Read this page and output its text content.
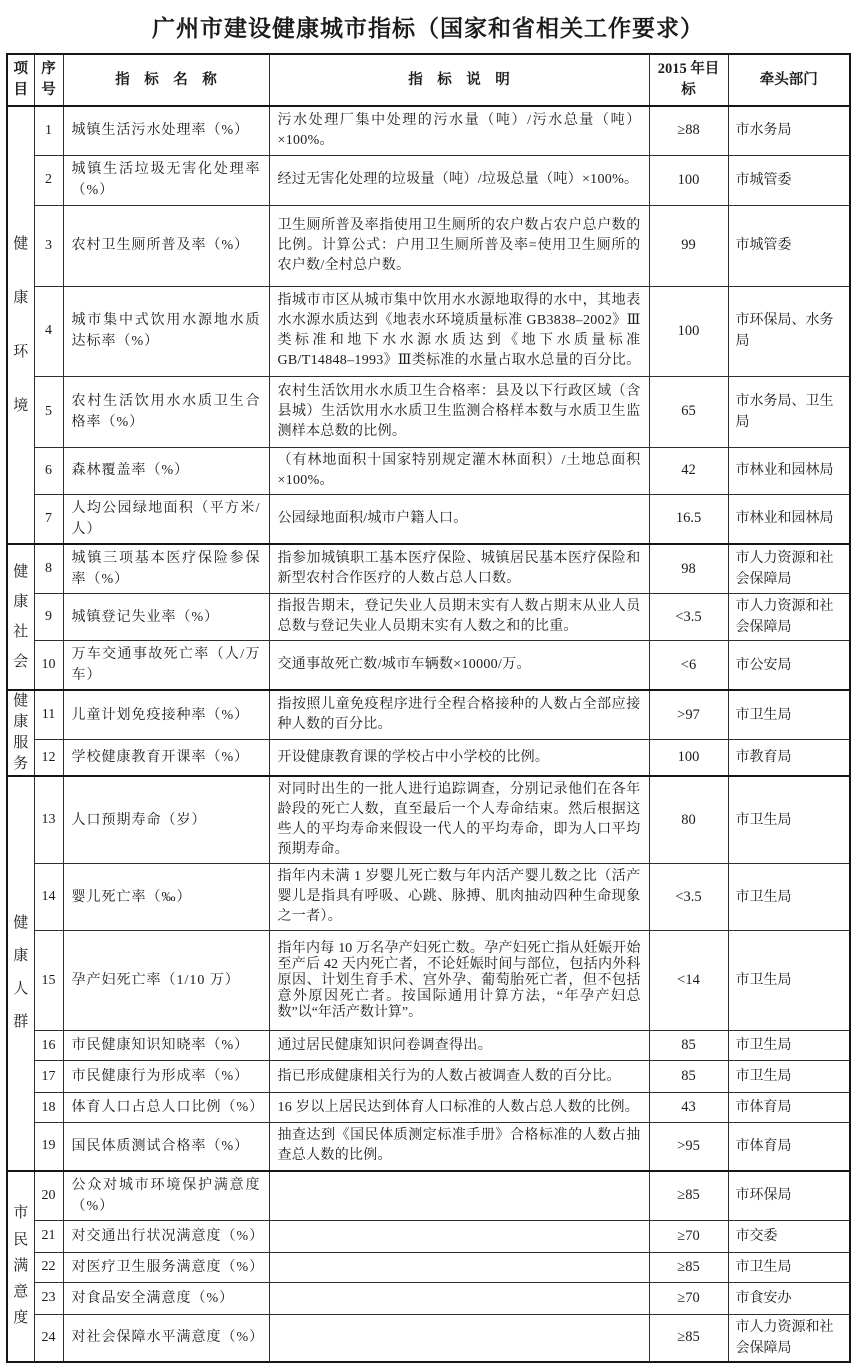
广州市建设健康城市指标（国家和省相关工作要求）
项目	序号	指　标　名　称	指　标　说　明	2015 年目标	牵头部门
健康环境	1	城镇生活污水处理率（%）	污水处理厂集中处理的污水量（吨）/污水总量（吨）×100%。	≥88	市水务局
	2	城镇生活垃圾无害化处理率（%）	经过无害化处理的垃圾量（吨）/垃圾总量（吨）×100%。	100	市城管委
	3	农村卫生厕所普及率（%）	卫生厕所普及率指使用卫生厕所的农户数占农户总户数的比例。计算公式：户用卫生厕所普及率=使用卫生厕所的农户数/全村总户数。	99	市城管委
	4	城市集中式饮用水源地水质达标率（%）	指城市市区从城市集中饮用水水源地取得的水中，其地表水水源水质达到《地表水环境质量标准 GB3838–2002》Ⅲ类标准和地下水水源水质达到《地下水质量标准 GB/T14848–1993》Ⅲ类标准的水量占取水总量的百分比。	100	市环保局、水务局
	5	农村生活饮用水水质卫生合格率（%）	农村生活饮用水水质卫生合格率：县及以下行政区域（含县城）生活饮用水水质卫生监测合格样本数与水质卫生监测样本总数的比例。	65	市水务局、卫生局
	6	森林覆盖率（%）	（有林地面积十国家特别规定灌木林面积）/土地总面积×100%。	42	市林业和园林局
	7	人均公园绿地面积（平方米/人）	公园绿地面积/城市户籍人口。	16.5	市林业和园林局
健康社会	8	城镇三项基本医疗保险参保率（%）	指参加城镇职工基本医疗保险、城镇居民基本医疗保险和新型农村合作医疗的人数占总人口数。	98	市人力资源和社会保障局
	9	城镇登记失业率（%）	指报告期末，登记失业人员期末实有人数占期末从业人员总数与登记失业人员期末实有人数之和的比重。	<3.5	市人力资源和社会保障局
	10	万车交通事故死亡率（人/万车）	交通事故死亡数/城市车辆数×10000/万。	<6	市公安局
健康服务	11	儿童计划免疫接种率（%）	指按照儿童免疫程序进行全程合格接种的人数占全部应接种人数的百分比。	>97	市卫生局
	12	学校健康教育开课率（%）	开设健康教育课的学校占中小学校的比例。	100	市教育局
健康人群	13	人口预期寿命（岁）	对同时出生的一批人进行追踪调查，分别记录他们在各年龄段的死亡人数，直至最后一个人寿命结束。然后根据这些人的平均寿命来假设一代人的平均寿命，即为人口平均预期寿命。	80	市卫生局
	14	婴儿死亡率（‰）	指年内未满 1 岁婴儿死亡数与年内活产婴儿数之比（活产婴儿是指具有呼吸、心跳、脉搏、肌肉抽动四种生命现象之一者）。	<3.5	市卫生局
	15	孕产妇死亡率（1/10 万）	指年内每 10 万名孕产妇死亡数。孕产妇死亡指从妊娠开始至产后 42 天内死亡者，不论妊娠时间与部位，包括内外科原因、计划生育手术、宫外孕、葡萄胎死亡者，但不包括意外原因死亡者。按国际通用计算方法，“年孕产妇总数”以“年活产数计算”。	<14	市卫生局
	16	市民健康知识知晓率（%）	通过居民健康知识问卷调查得出。	85	市卫生局
	17	市民健康行为形成率（%）	指已形成健康相关行为的人数占被调查人数的百分比。	85	市卫生局
	18	体育人口占总人口比例（%）	16 岁以上居民达到体育人口标准的人数占总人数的比例。	43	市体育局
	19	国民体质测试合格率（%）	抽查达到《国民体质测定标准手册》合格标准的人数占抽查总人数的比例。	>95	市体育局
市民满意度	20	公众对城市环境保护满意度（%）		≥85	市环保局
	21	对交通出行状况满意度（%）		≥70	市交委
	22	对医疗卫生服务满意度（%）		≥85	市卫生局
	23	对食品安全满意度（%）		≥70	市食安办
	24	对社会保障水平满意度（%）		≥85	市人力资源和社会保障局
